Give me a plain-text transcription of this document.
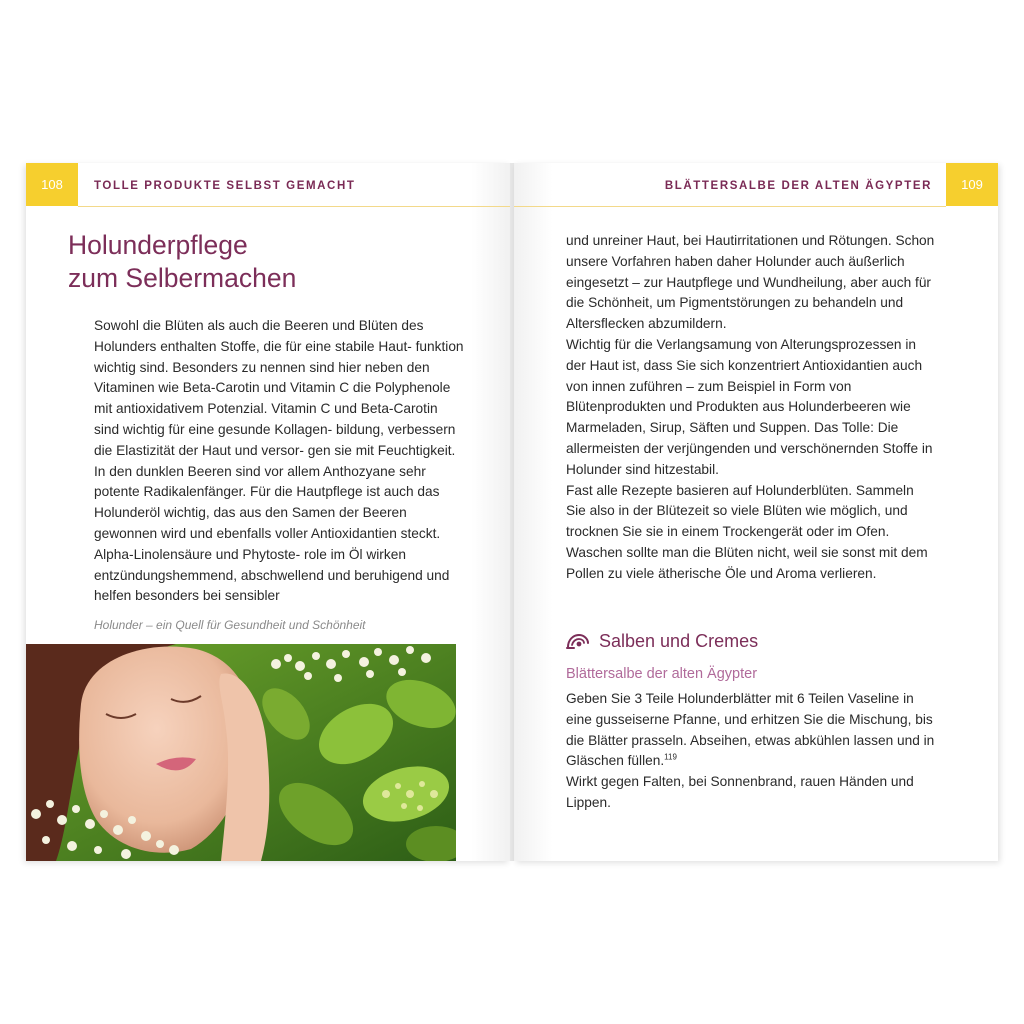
108	TOLLE PRODUKTE SELBST GEMACHT
Holunderpflege
zum Selbermachen

Sowohl die Blüten als auch die Beeren und Blüten des Holunders enthalten Stoffe, die für eine stabile Haut- funktion wichtig sind. Besonders zu nennen sind hier neben den Vitaminen wie Beta-Carotin und Vitamin C die Polyphenole mit antioxidativem Potenzial. Vitamin C und Beta-Carotin sind wichtig für eine gesunde Kollagen- bildung, verbessern die Elastizität der Haut und versor- gen sie mit Feuchtigkeit. In den dunklen Beeren sind vor allem Anthozyane sehr potente Radikalenfänger. Für die Hautpflege ist auch das Holunderöl wichtig, das aus den Samen der Beeren gewonnen wird und ebenfalls voller Antioxidantien steckt. Alpha-Linolensäure und Phytoste- role im Öl wirken entzündungshemmend, abschwellend und beruhigend und helfen besonders bei sensibler

Holunder – ein Quell für Gesundheit und Schönheit
109
BLÄTTERSALBE DER ALTEN ÄGYPTER

und unreiner Haut, bei Hautirritationen und Rötungen. Schon unsere Vorfahren haben daher Holunder auch äußerlich eingesetzt – zur Hautpflege und Wundheilung, aber auch für die Schönheit, um Pigmentstörungen zu behandeln und Altersflecken abzumildern.

Wichtig für die Verlangsamung von Alterungsprozessen in der Haut ist, dass Sie sich konzentriert Antioxidantien auch von innen zuführen – zum Beispiel in Form von Blütenprodukten und Produkten aus Holunderbeeren wie Marmeladen, Sirup, Säften und Suppen. Das Tolle: Die allermeisten der verjüngenden und verschönernden Stoffe in Holunder sind hitzestabil.

Fast alle Rezepte basieren auf Holunderblüten. Sammeln Sie also in der Blütezeit so viele Blüten wie möglich, und trocknen Sie sie in einem Trockengerät oder im Ofen. Waschen sollte man die Blüten nicht, weil sie sonst mit dem Pollen zu viele ätherische Öle und Aroma verlieren.

Salben und Cremes
Blättersalbe der alten Ägypter

Geben Sie 3 Teile Holunderblätter mit 6 Teilen Vaseline in eine gusseiserne Pfanne, und erhitzen Sie die Mischung, bis die Blätter prasseln. Abseihen, etwas abkühlen lassen und in Gläschen füllen.$^{119}$

Wirkt gegen Falten, bei Sonnenbrand, rauen Händen und Lippen.
